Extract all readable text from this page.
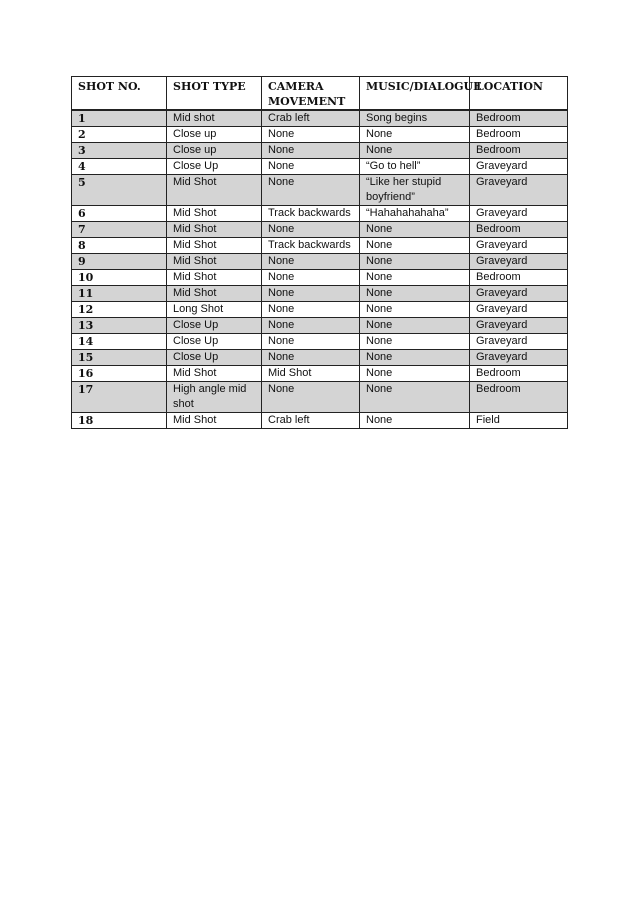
SHOT NO.	SHOT TYPE	CAMERA MOVEMENT	MUSIC/DIALOGUE	LOCATION
1	Mid shot	Crab left	Song begins	Bedroom
2	Close up	None	None	Bedroom
3	Close up	None	None	Bedroom
4	Close Up	None	“Go to hell”	Graveyard
5	Mid Shot	None	“Like her stupid boyfriend”	Graveyard
6	Mid Shot	Track backwards	“Hahahahahaha”	Graveyard
7	Mid Shot	None	None	Bedroom
8	Mid Shot	Track backwards	None	Graveyard
9	Mid Shot	None	None	Graveyard
10	Mid Shot	None	None	Bedroom
11	Mid Shot	None	None	Graveyard
12	Long Shot	None	None	Graveyard
13	Close Up	None	None	Graveyard
14	Close Up	None	None	Graveyard
15	Close Up	None	None	Graveyard
16	Mid Shot	Mid Shot	None	Bedroom
17	High angle mid shot	None	None	Bedroom
18	Mid Shot	Crab left	None	Field
